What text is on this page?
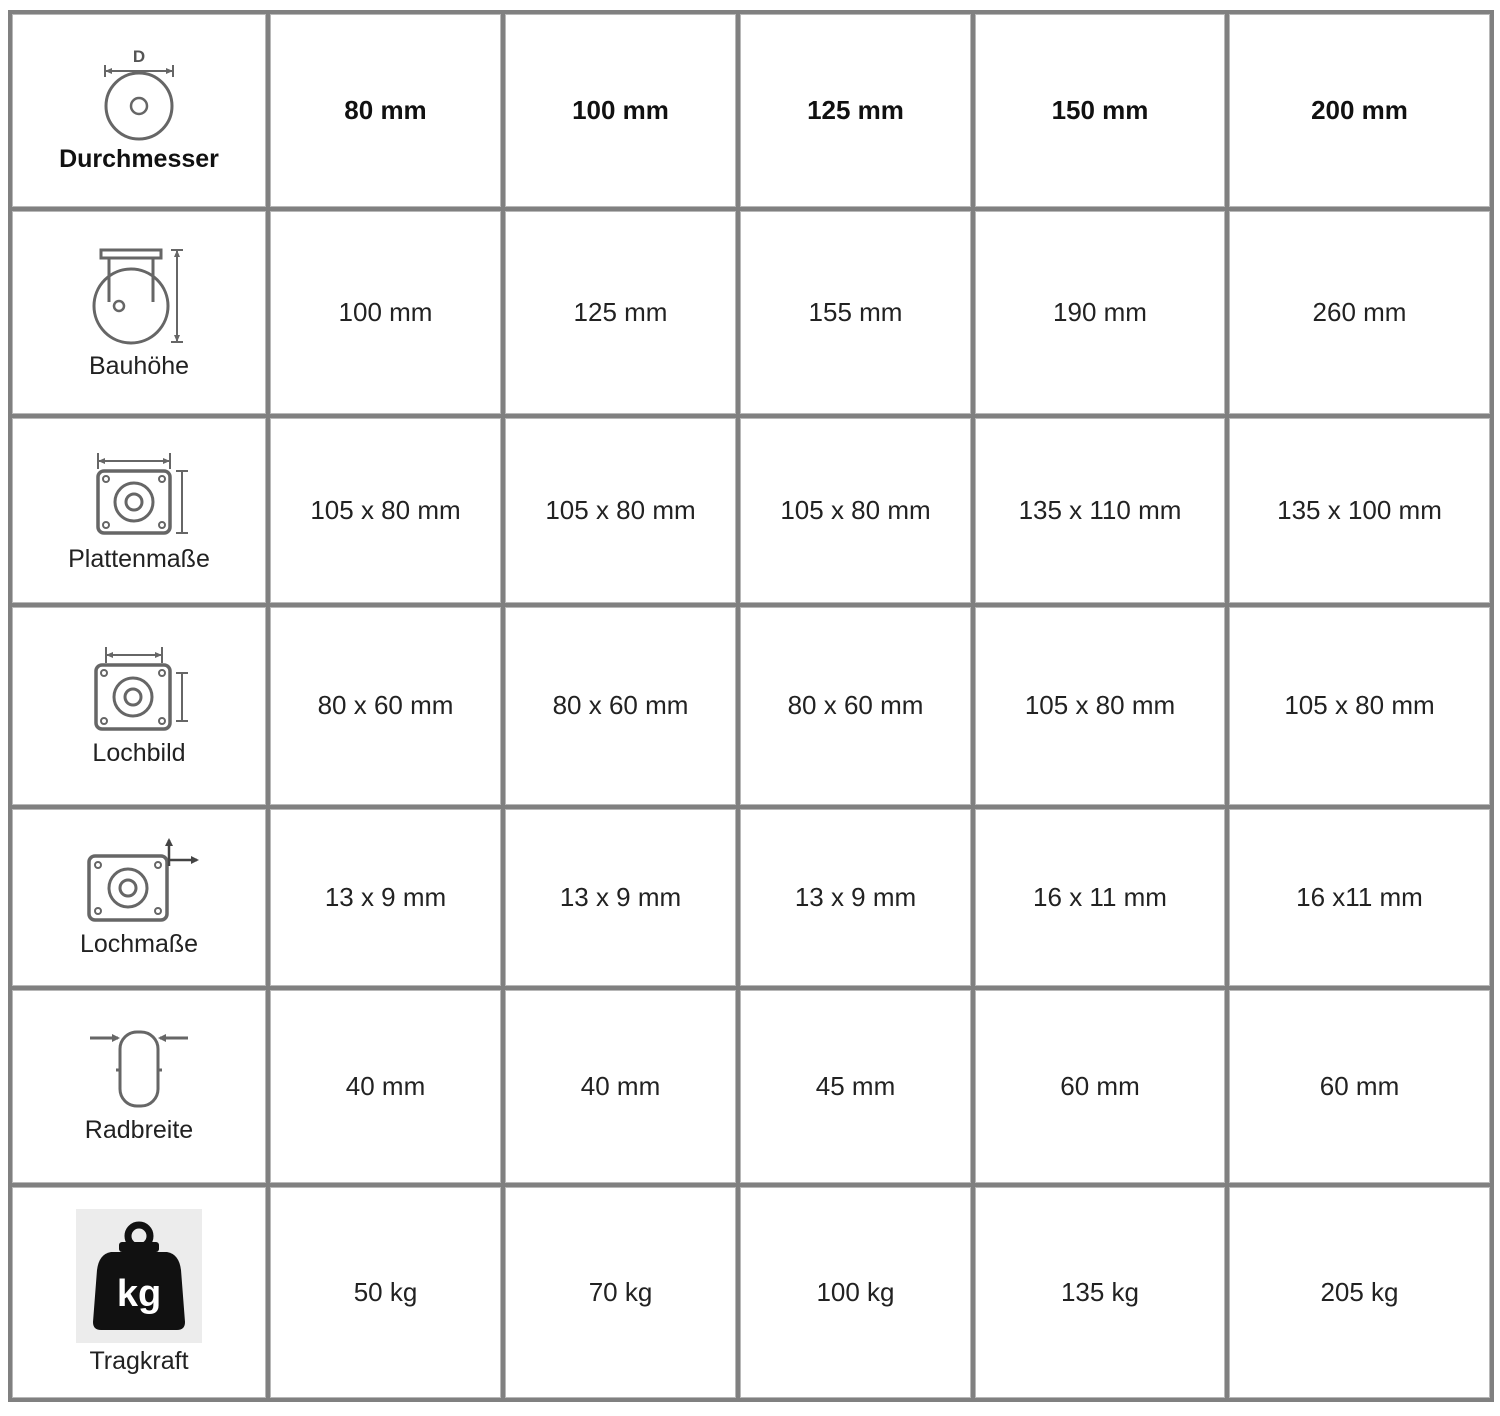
D
Durchmesser	80 mm	100 mm	125 mm	150 mm	200 mm

Bauhöhe	100 mm	125 mm	155 mm	190 mm	260 mm

Plattenmaße	105 x 80 mm	105 x 80 mm	105 x 80 mm	135 x 110 mm	135 x 100 mm

Lochbild	80 x 60 mm	80 x 60 mm	80 x 60 mm	105 x 80 mm	105 x 80 mm

Lochmaße	13 x 9 mm	13 x 9 mm	13 x 9 mm	16 x 11 mm	16 x11 mm

Radbreite	40 mm	40 mm	45 mm	60 mm	60 mm

kg
Tragkraft	50 kg	70 kg	100 kg	135 kg	205 kg
